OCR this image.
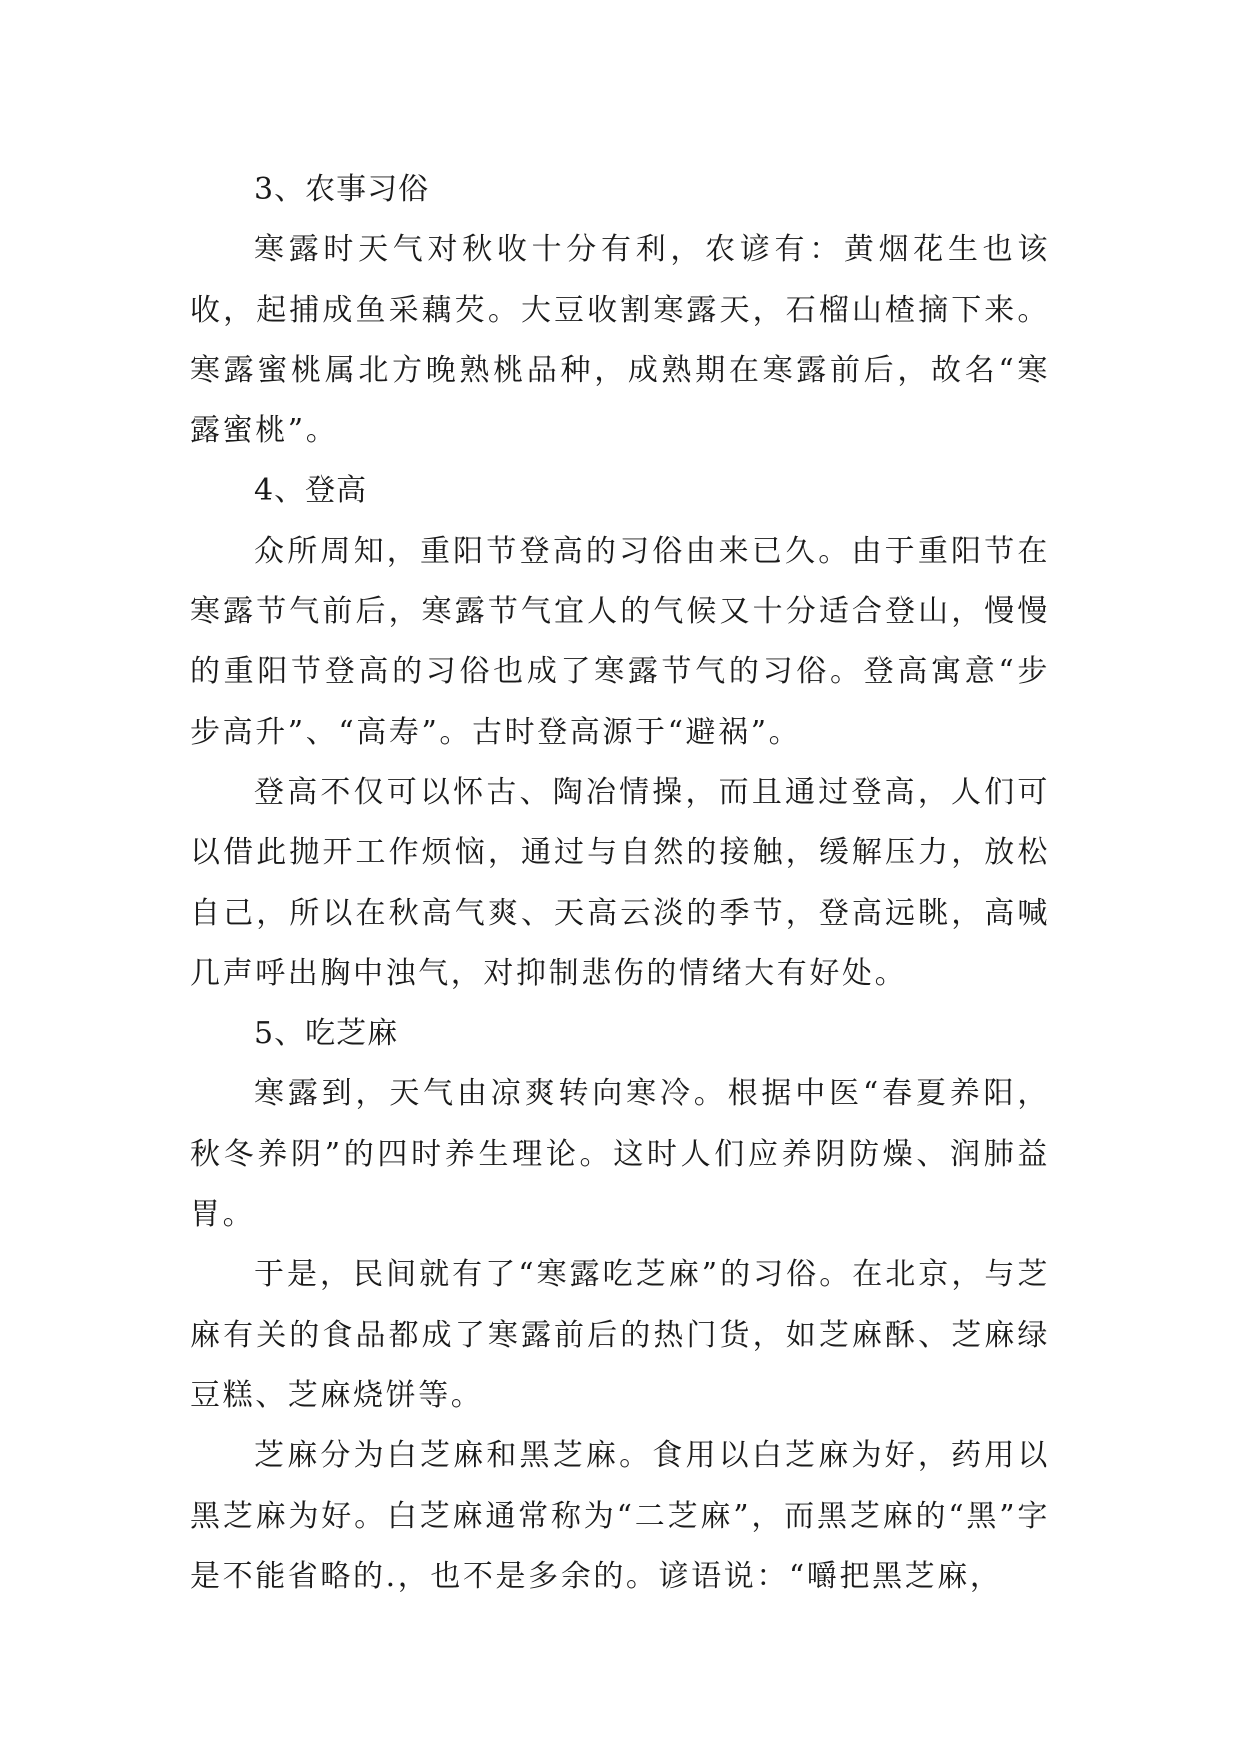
3、农事习俗

寒露时天气对秋收十分有利，农谚有：黄烟花生也该收，起捕成鱼采藕芡。大豆收割寒露天，石榴山楂摘下来。寒露蜜桃属北方晚熟桃品种，成熟期在寒露前后，故名“寒露蜜桃”。

4、登高

众所周知，重阳节登高的习俗由来已久。由于重阳节在寒露节气前后，寒露节气宜人的气候又十分适合登山，慢慢的重阳节登高的习俗也成了寒露节气的习俗。登高寓意“步步高升”、“高寿”。古时登高源于“避祸”。

登高不仅可以怀古、陶冶情操，而且通过登高，人们可以借此抛开工作烦恼，通过与自然的接触，缓解压力，放松自己，所以在秋高气爽、天高云淡的季节，登高远眺，高喊几声呼出胸中浊气，对抑制悲伤的情绪大有好处。

5、吃芝麻

寒露到，天气由凉爽转向寒冷。根据中医“春夏养阳，秋冬养阴”的四时养生理论。这时人们应养阴防燥、润肺益胃。

于是，民间就有了“寒露吃芝麻”的习俗。在北京，与芝麻有关的食品都成了寒露前后的热门货，如芝麻酥、芝麻绿豆糕、芝麻烧饼等。

芝麻分为白芝麻和黑芝麻。食用以白芝麻为好，药用以黑芝麻为好。白芝麻通常称为“二芝麻”，而黑芝麻的“黑”字是不能省略的.，也不是多余的。谚语说：“嚼把黑芝麻，
